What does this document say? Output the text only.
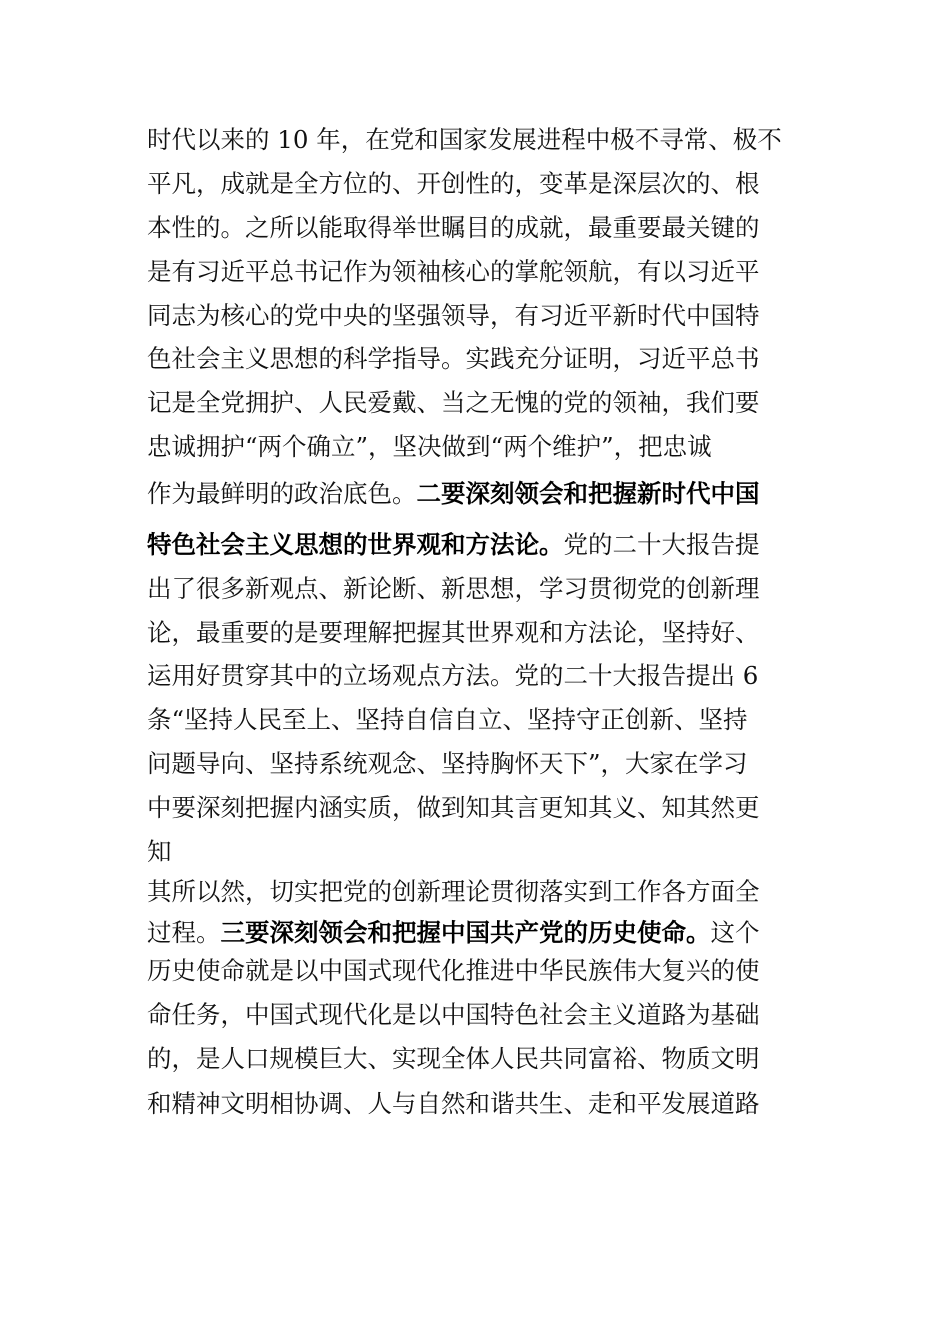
时代以来的 10 年，在党和国家发展进程中极不寻常、极不
平凡，成就是全方位的、开创性的，变革是深层次的、根
本性的。之所以能取得举世瞩目的成就，最重要最关键的
是有习近平总书记作为领袖核心的掌舵领航，有以习近平
同志为核心的党中央的坚强领导，有习近平新时代中国特
色社会主义思想的科学指导。实践充分证明，习近平总书
记是全党拥护、人民爱戴、当之无愧的党的领袖，我们要
忠诚拥护“两个确立”，坚决做到“两个维护”，把忠诚
作为最鲜明的政治底色。二要深刻领会和把握新时代中国
特色社会主义思想的世界观和方法论。党的二十大报告提
出了很多新观点、新论断、新思想，学习贯彻党的创新理
论，最重要的是要理解把握其世界观和方法论，坚持好、
运用好贯穿其中的立场观点方法。党的二十大报告提出 6
条“坚持人民至上、坚持自信自立、坚持守正创新、坚持
问题导向、坚持系统观念、坚持胸怀天下”，大家在学习
中要深刻把握内涵实质，做到知其言更知其义、知其然更
知
其所以然，切实把党的创新理论贯彻落实到工作各方面全
过程。三要深刻领会和把握中国共产党的历史使命。这个
历史使命就是以中国式现代化推进中华民族伟大复兴的使
命任务，中国式现代化是以中国特色社会主义道路为基础
的，是人口规模巨大、实现全体人民共同富裕、物质文明
和精神文明相协调、人与自然和谐共生、走和平发展道路
